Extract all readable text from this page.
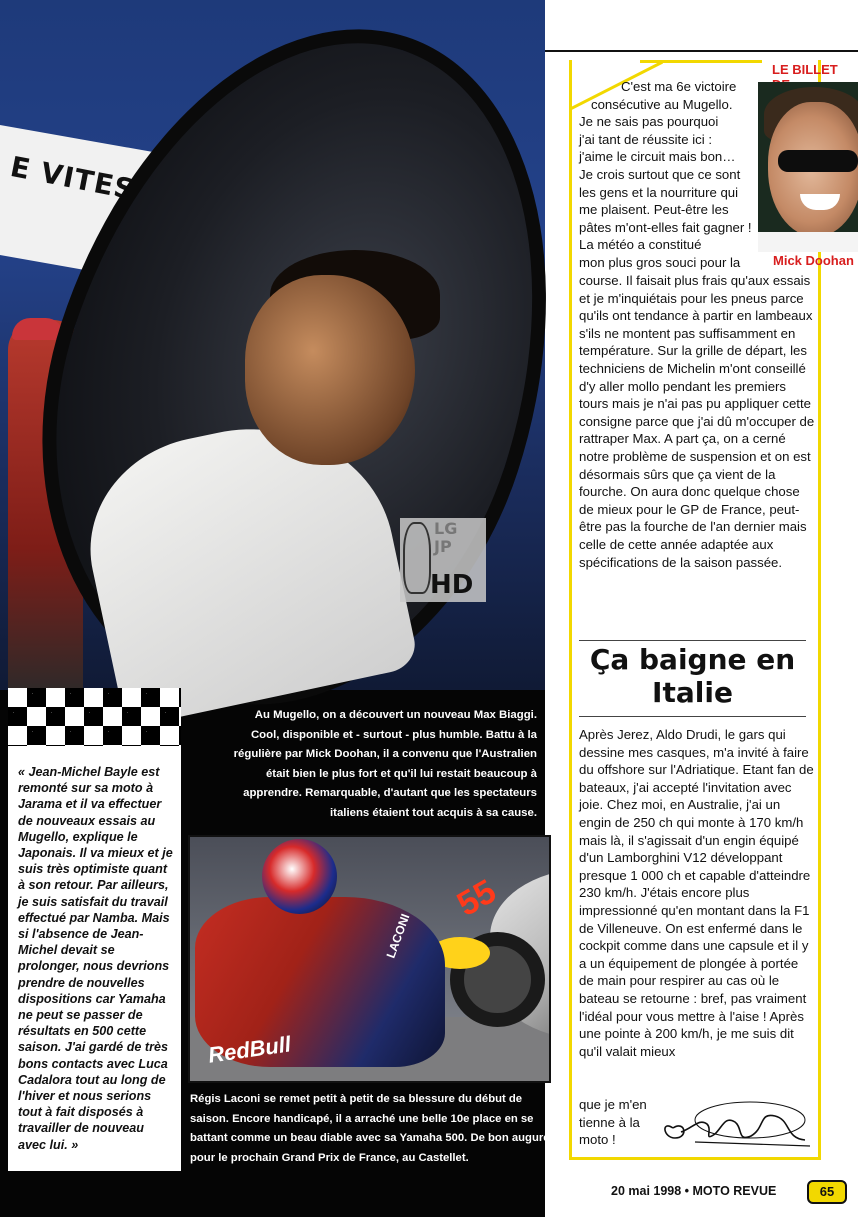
LG
JP
HD
Au Mugello, on a découvert un nouveau Max Biaggi. Cool, disponible et - surtout - plus humble. Battu à la régulière par Mick Doohan, il a convenu que l'Australien était bien le plus fort et qu'il lui restait beaucoup à apprendre. Remarquable, d'autant que les spectateurs italiens étaient tout acquis à sa cause.
55
RedBull
LACONI
Régis Laconi se remet petit à petit de sa blessure du début de saison. Encore handicapé, il a arraché une belle 10e place en se battant comme un beau diable avec sa Yamaha 500. De bon augure pour le prochain Grand Prix de France, au Castellet.

« Jean-Michel Bayle est remonté sur sa moto à Jarama et il va effectuer de nouveaux essais au Mugello, explique le Japonais. Il va mieux et je suis très optimiste quant à son retour. Par ailleurs, je suis satisfait du travail effectué par Namba. Mais si l'absence de Jean-Michel devait se prolonger, nous devrions prendre de nouvelles dispositions car Yamaha ne peut se passer de résultats en 500 cette saison. J'ai gardé de très bons contacts avec Luca Cadalora tout au long de l'hiver et nous serions tout à fait disposés à travailler de nouveau avec lui. »

LE BILLET
Mick Doohan
C'est ma 6e victoire
consécutive au Mugello.
Je ne sais pas pourquoi
j'ai tant de réussite ici :
j'aime le circuit mais bon…
Je crois surtout que ce sont
les gens et la nourriture qui
me plaisent. Peut-être les
pâtes m'ont-elles fait gagner !
La météo a constitué
mon plus gros souci pour la

course. Il faisait plus frais qu'aux essais et je m'inquiétais pour les pneus parce qu'ils ont tendance à partir en lambeaux s'ils ne montent pas suffisamment en température. Sur la grille de départ, les techniciens de Michelin m'ont conseillé d'y aller mollo pendant les premiers tours mais je n'ai pas pu appliquer cette consigne parce que j'ai dû m'occuper de rattraper Max. A part ça, on a cerné notre problème de suspension et on est désormais sûrs que ça vient de la fourche. On aura donc quelque chose de mieux pour le GP de France, peut-être pas la fourche de l'an dernier mais celle de cette année adaptée aux spécifications de la saison passée.

Ça baigne en Italie

Après Jerez, Aldo Drudi, le gars qui dessine mes casques, m'a invité à faire du offshore sur l'Adriatique. Etant fan de bateaux, j'ai accepté l'invitation avec joie. Chez moi, en Australie, j'ai un engin de 250 ch qui monte à 170 km/h mais là, il s'agissait d'un engin équipé d'un Lamborghini V12 développant presque 1 000 ch et capable d'atteindre 230 km/h. J'étais encore plus impressionné qu'en montant dans la F1 de Villeneuve. On est enfermé dans le cockpit comme dans une capsule et il y a un équipement de plongée à portée de main pour respirer au cas où le bateau se retourne : bref, pas vraiment l'idéal pour vous mettre à l'aise ! Après une pointe à 200 km/h, je me suis dit qu'il valait mieux

que je m'en tienne à la moto !

20 mai 1998 • MOTO REVUE	65
